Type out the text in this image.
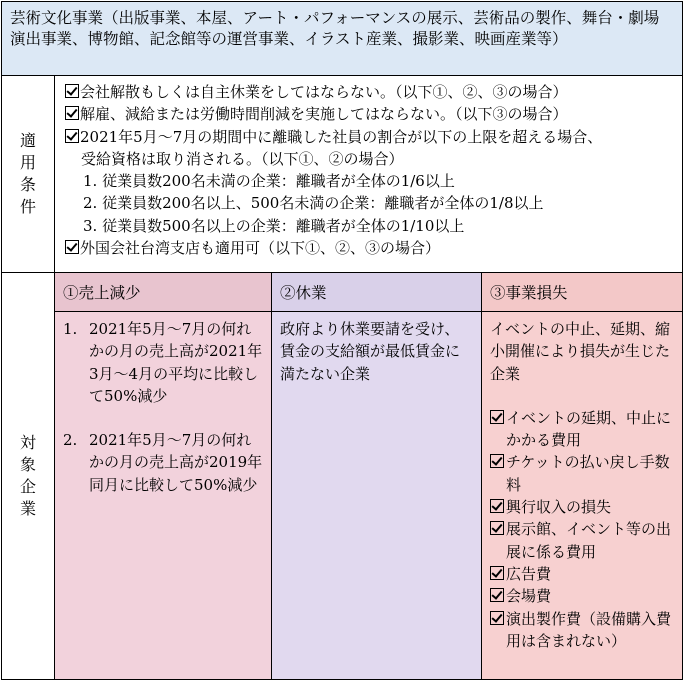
芸術文化事業（出版事業、本屋、アート・パフォーマンスの展示、芸術品の製作、舞台・劇場演出事業、博物館、記念館等の運営事業、イラスト産業、撮影業、映画産業等）
適
用
条
件
会社解散もしくは自主休業をしてはならない。（以下①、②、③の場合）
解雇、減給または労働時間削減を実施してはならない。（以下③の場合）
2021年5月～7月の期間中に離職した社員の割合が以下の上限を超える場合、
受給資格は取り消される。（以下①、②の場合）
1. 従業員数200名未満の企業：離職者が全体の1/6以上
2. 従業員数200名以上、500名未満の企業：離職者が全体の1/8以上
3. 従業員数500名以上の企業：離職者が全体の1/10以上
外国会社台湾支店も適用可（以下①、②、③の場合）
対
象
企
業
①売上減少	②休業	③事業損失
1. 2021年5月～7月の何れかの月の売上高が2021年3月～4月の平均に比較して50%減少
2. 2021年5月～7月の何れかの月の売上高が2019年同月に比較して50%減少
政府より休業要請を受け、賃金の支給額が最低賃金に満たない企業
イベントの中止、延期、縮小開催により損失が生じた企業
イベントの延期、中止にかかる費用
チケットの払い戻し手数料
興行収入の損失
展示館、イベント等の出展に係る費用
広告費
会場費
演出製作費（設備購入費用は含まれない）
